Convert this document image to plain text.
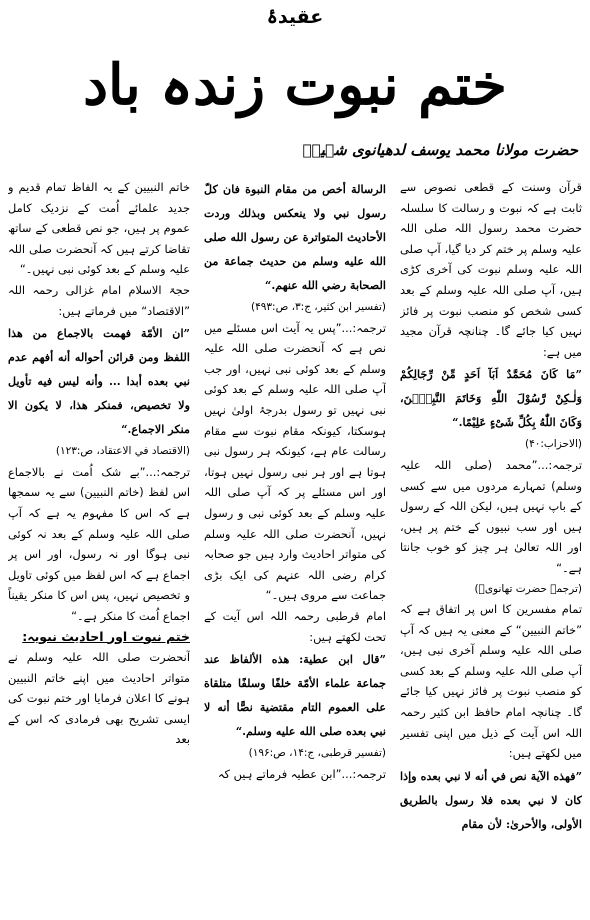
عقیدۂ
ختم نبوت زندہ باد
حضرت مولانا محمد یوسف لدھیانوی شہیدؒ

قرآن وسنت کے قطعی نصوص سے ثابت ہے کہ نبوت و رسالت کا سلسلہ حضرت محمد رسول اللہ صلی اللہ علیہ وسلم پر ختم کر دیا گیا، آپ صلی اللہ علیہ وسلم نبوت کی آخری کڑی ہیں، آپ صلی اللہ علیہ وسلم کے بعد کسی شخص کو منصب نبوت پر فائز نہیں کیا جائے گا۔ چنانچہ قرآن مجید میں ہے:

”مَا كَانَ مُحَمَّدٌ اَبَآ اَحَدٍ مِّنْ رِّجَالِكُمْ وَلٰـكِنْ رَّسُوْلَ اللّٰهِ وَخَاتَمَ النَّبِيّٖنَ، وَكَانَ اللّٰهُ بِكُلِّ شَىْءٍ عَلِيْمًا.“

(الاحزاب:۴۰)

ترجمہ:...”محمد (صلی اللہ علیہ وسلم) تمہارے مردوں میں سے کسی کے باپ نہیں ہیں، لیکن اللہ کے رسول ہیں اور سب نبیوں کے ختم پر ہیں، اور اللہ تعالیٰ ہر چیز کو خوب جانتا ہے۔“

(ترجمہ حضرت تھانویؒ)

تمام مفسرین کا اس پر اتفاق ہے کہ ”خاتم النبیین“ کے معنی یہ ہیں کہ آپ صلی اللہ علیہ وسلم آخری نبی ہیں، آپ صلی اللہ علیہ وسلم کے بعد کسی کو منصب نبوت پر فائز نہیں کیا جائے گا۔ چنانچہ امام حافظ ابن کثیر رحمہ اللہ اس آیت کے ذیل میں اپنی تفسیر میں لکھتے ہیں:

”فهذه الآية نص في أنه لا نبي بعده وإذا كان لا نبي بعده فلا رسول بالطريق الأولى، والأحرىٰ: لأن مقام

الرسالة أخص من مقام النبوة فان كلّ رسول نبي ولا ينعكس وبذلك وردت الأحاديث المتواترة عن رسول الله صلى الله عليه وسلم من حديث جماعة من الصحابة رضي الله عنهم.“

(تفسیر ابن کثیر، ج:۳، ص:۴۹۳)

ترجمہ:...”پس یہ آیت اس مسئلے میں نص ہے کہ آنحضرت صلی اللہ علیہ وسلم کے بعد کوئی نبی نہیں، اور جب آپ صلی اللہ علیہ وسلم کے بعد کوئی نبی نہیں تو رسول بدرجۂ اولیٰ نہیں ہوسکتا، کیونکہ مقام نبوت سے مقام رسالت عام ہے، کیونکہ ہر رسول نبی ہوتا ہے اور ہر نبی رسول نہیں ہوتا، اور اس مسئلے پر کہ آپ صلی اللہ علیہ وسلم کے بعد کوئی نبی و رسول نہیں، آنحضرت صلی اللہ علیہ وسلم کی متواتر احادیث وارد ہیں جو صحابہ کرام رضی اللہ عنہم کی ایک بڑی جماعت سے مروی ہیں۔“

امام قرطبی رحمہ اللہ اس آیت کے تحت لکھتے ہیں:

”قال ابن عطية: هذه الألفاظ عند جماعة علماء الأمّة خلفًا وسلفًا متلقاة على العموم التام مقتضية نصًّا أنه لا نبي بعده صلى الله عليه وسلم.“

(تفسیر قرطبی، ج:۱۴، ص:۱۹۶)

ترجمہ:...”ابن عطیہ فرماتے ہیں کہ

خاتم النبیین کے یہ الفاظ تمام قدیم و جدید علمائے اُمت کے نزدیک کامل عموم پر ہیں، جو نص قطعی کے ساتھ تقاضا کرتے ہیں کہ آنحضرت صلی اللہ علیہ وسلم کے بعد کوئی نبی نہیں۔“

حجۃ الاسلام امام غزالی رحمہ اللہ ”الاقتصاد“ میں فرماتے ہیں:

”ان الأمّة فهمت بالاجماع من هذا اللفظ ومن قرائن أحواله أنه أفهم عدم نبي بعده أبدا ... وأنه ليس فيه تأويل ولا تخصيص، فمنكر هذا، لا يكون الا منكر الاجماع.“

(الاقتصاد في الاعتقاد، ص:۱۲۳)

ترجمہ:...”بے شک اُمت نے بالاجماع اس لفظ (خاتم النبیین) سے یہ سمجھا ہے کہ اس کا مفہوم یہ ہے کہ آپ صلی اللہ علیہ وسلم کے بعد نہ کوئی نبی ہوگا اور نہ رسول، اور اس پر اجماع ہے کہ اس لفظ میں کوئی تاویل و تخصیص نہیں، پس اس کا منکر یقیناً اجماع اُمت کا منکر ہے۔“

ختم نبوت اور احادیث نبویہ:

آنحضرت صلی اللہ علیہ وسلم نے متواتر احادیث میں اپنے خاتم النبیین ہونے کا اعلان فرمایا اور ختم نبوت کی ایسی تشریح بھی فرمادی کہ اس کے بعد
